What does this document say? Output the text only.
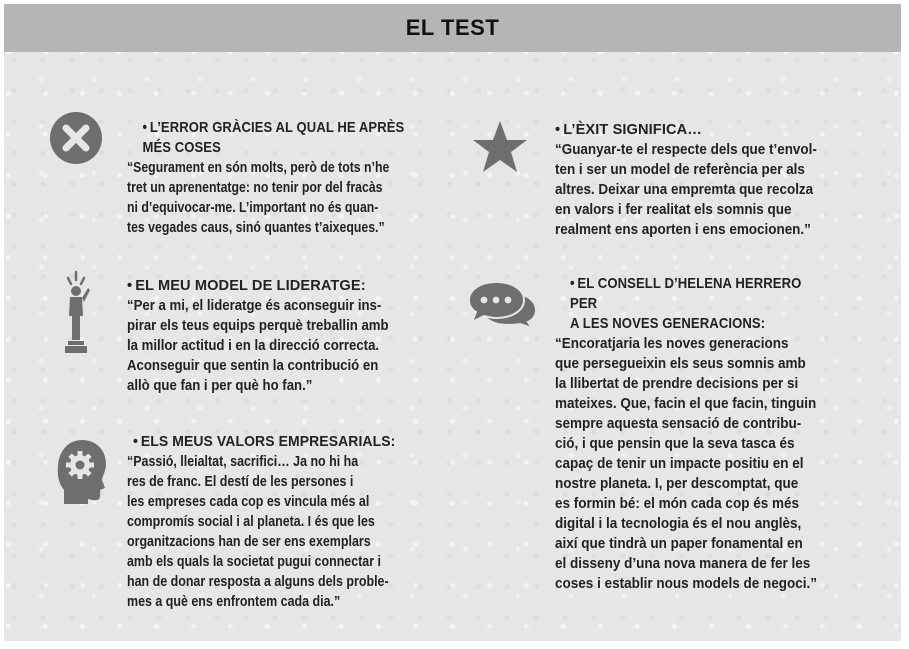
EL TEST
• L’ERROR GRÀCIES AL QUAL HE APRÈS
MÉS COSES
“Segurament en són molts, però de tots n’he
tret un aprenentatge: no tenir por del fracàs
ni d’equivocar-me. L’important no és quan-
tes vegades caus, sinó quantes t’aixeques.”
• EL MEU MODEL DE LIDERATGE:
“Per a mi, el lideratge és aconseguir ins-
pirar els teus equips perquè treballin amb
la millor actitud i en la direcció correcta.
Aconseguir que sentin la contribució en
allò que fan i per què ho fan.”
• ELS MEUS VALORS EMPRESARIALS:
“Passió, lleialtat, sacrifici… Ja no hi ha
res de franc. El destí de les persones i
les empreses cada cop es vincula més al
compromís social i al planeta. I és que les
organitzacions han de ser ens exemplars
amb els quals la societat pugui connectar i
han de donar resposta a alguns dels proble-
mes a què ens enfrontem cada dia.”
• L’ÈXIT SIGNIFICA…
“Guanyar-te el respecte dels que t’envol-
ten i ser un model de referència per als
altres. Deixar una empremta que recolza
en valors i fer realitat els somnis que
realment ens aporten i ens emocionen.”
• EL CONSELL D’HELENA HERRERO PER
A LES NOVES GENERACIONS:
“Encoratjaria les noves generacions
que persegueixin els seus somnis amb
la llibertat de prendre decisions per si
mateixes. Que, facin el que facin, tinguin
sempre aquesta sensació de contribu-
ció, i que pensin que la seva tasca és
capaç de tenir un impacte positiu en el
nostre planeta. I, per descomptat, que
es formin bé: el món cada cop és més
digital i la tecnologia és el nou anglès,
així que tindrà un paper fonamental en
el disseny d’una nova manera de fer les
coses i establir nous models de negoci.”
